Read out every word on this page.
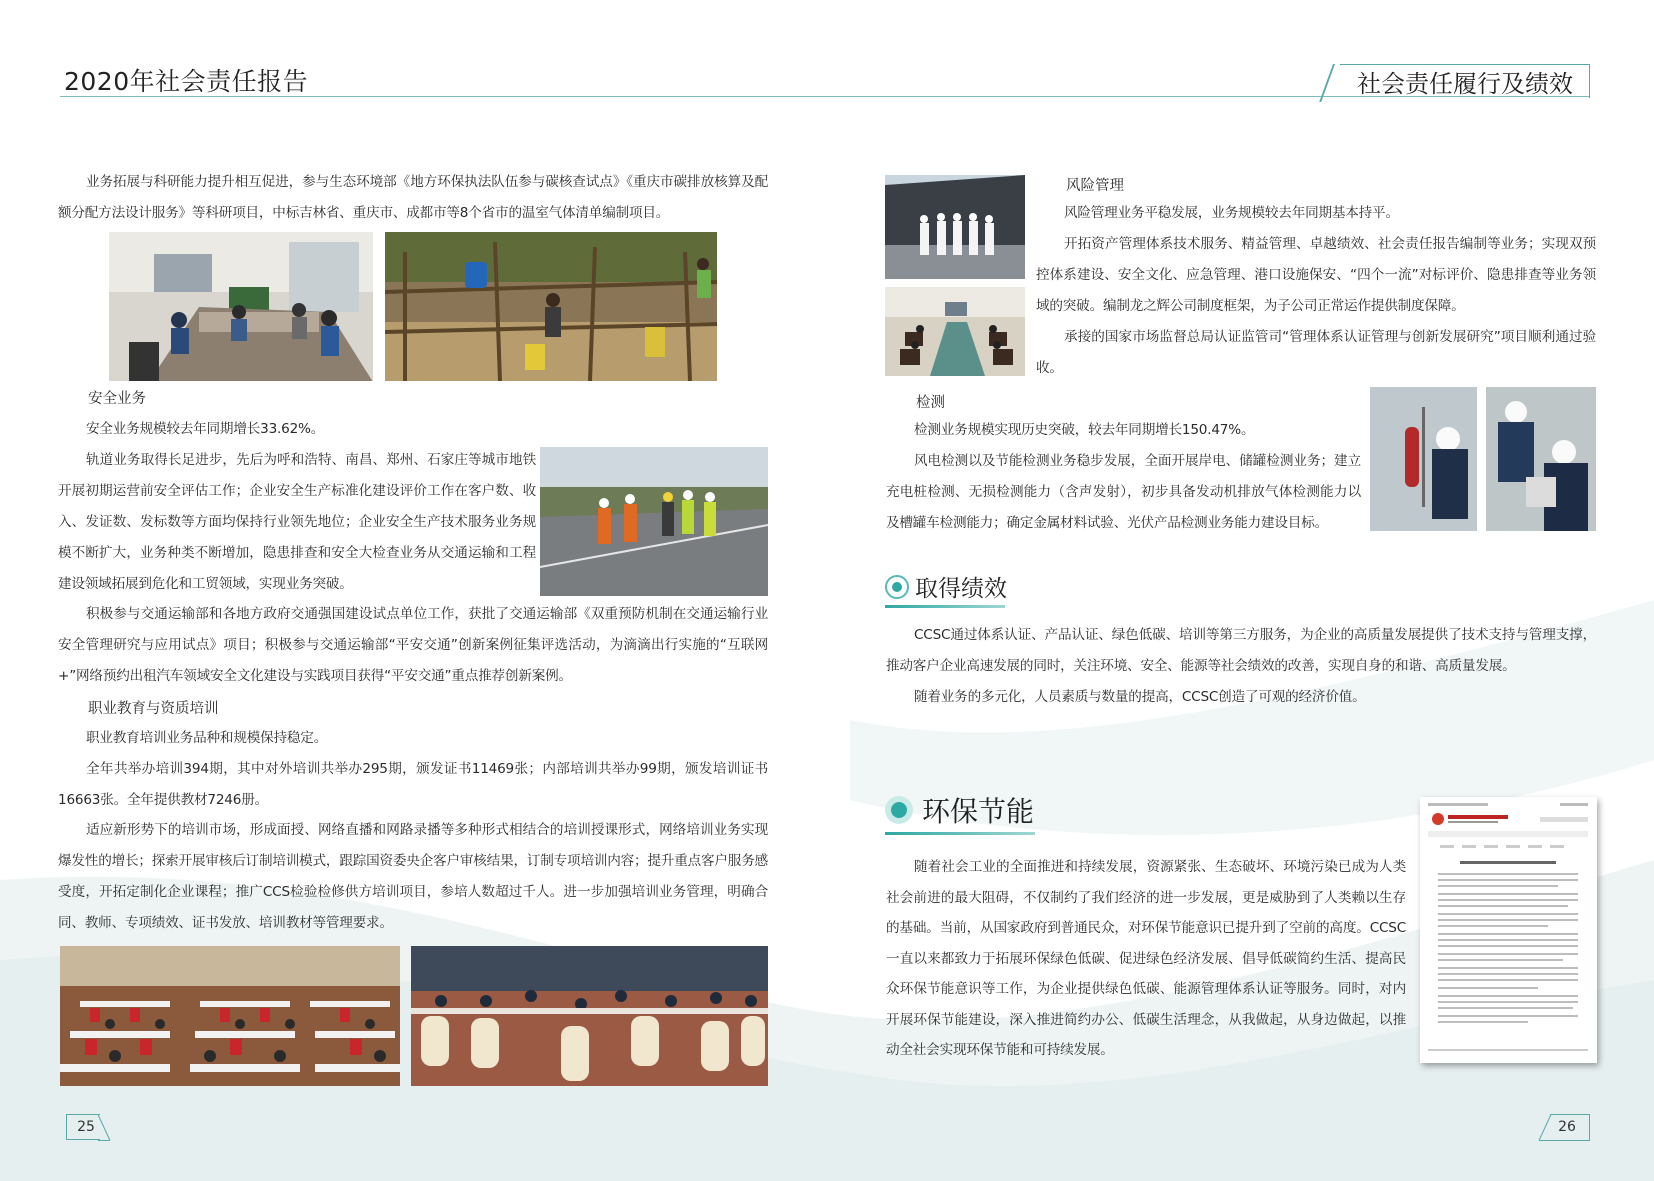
2020年社会责任报告	社会责任履行及绩效
业务拓展与科研能力提升相互促进，参与生态环境部《地方环保执法队伍参与碳核查试点》《重庆市碳排放核算及配额分配方法设计服务》等科研项目，中标吉林省、重庆市、成都市等8个省市的温室气体清单编制项目。
安全业务
安全业务规模较去年同期增长33.62%。
轨道业务取得长足进步，先后为呼和浩特、南昌、郑州、石家庄等城市地铁开展初期运营前安全评估工作；企业安全生产标准化建设评价工作在客户数、收入、发证数、发标数等方面均保持行业领先地位；企业安全生产技术服务业务规模不断扩大，业务种类不断增加，隐患排查和安全大检查业务从交通运输和工程建设领域拓展到危化和工贸领域，实现业务突破。
积极参与交通运输部和各地方政府交通强国建设试点单位工作，获批了交通运输部《双重预防机制在交通运输行业安全管理研究与应用试点》项目；积极参与交通运输部“平安交通”创新案例征集评选活动，为滴滴出行实施的“互联网+”网络预约出租汽车领域安全文化建设与实践项目获得“平安交通”重点推荐创新案例。
职业教育与资质培训
职业教育培训业务品种和规模保持稳定。
全年共举办培训394期，其中对外培训共举办295期，颁发证书11469张；内部培训共举办99期，颁发培训证书16663张。全年提供教材7246册。
适应新形势下的培训市场，形成面授、网络直播和网路录播等多种形式相结合的培训授课形式，网络培训业务实现爆发性的增长；探索开展审核后订制培训模式，跟踪国资委央企客户审核结果，订制专项培训内容；提升重点客户服务感受度，开拓定制化企业课程；推广CCS检验检修供方培训项目，参培人数超过千人。进一步加强培训业务管理，明确合同、教师、专项绩效、证书发放、培训教材等管理要求。
25
风险管理
风险管理业务平稳发展，业务规模较去年同期基本持平。
开拓资产管理体系技术服务、精益管理、卓越绩效、社会责任报告编制等业务；实现双预控体系建设、安全文化、应急管理、港口设施保安、“四个一流”对标评价、隐患排查等业务领域的突破。编制龙之辉公司制度框架，为子公司正常运作提供制度保障。
承接的国家市场监督总局认证监管司“管理体系认证管理与创新发展研究”项目顺利通过验收。
检测
检测业务规模实现历史突破，较去年同期增长150.47%。
风电检测以及节能检测业务稳步发展，全面开展岸电、储罐检测业务；建立充电桩检测、无损检测能力（含声发射），初步具备发动机排放气体检测能力以及槽罐车检测能力；确定金属材料试验、光伏产品检测业务能力建设目标。
取得绩效
CCSC通过体系认证、产品认证、绿色低碳、培训等第三方服务，为企业的高质量发展提供了技术支持与管理支撑，推动客户企业高速发展的同时，关注环境、安全、能源等社会绩效的改善，实现自身的和谐、高质量发展。
随着业务的多元化，人员素质与数量的提高，CCSC创造了可观的经济价值。
环保节能
随着社会工业的全面推进和持续发展，资源紧张、生态破坏、环境污染已成为人类社会前进的最大阻碍，不仅制约了我们经济的进一步发展，更是威胁到了人类赖以生存的基础。当前，从国家政府到普通民众，对环保节能意识已提升到了空前的高度。CCSC一直以来都致力于拓展环保绿色低碳、促进绿色经济发展、倡导低碳简约生活、提高民众环保节能意识等工作，为企业提供绿色低碳、能源管理体系认证等服务。同时，对内开展环保节能建设，深入推进简约办公、低碳生活理念，从我做起，从身边做起，以推动全社会实现环保节能和可持续发展。
26
